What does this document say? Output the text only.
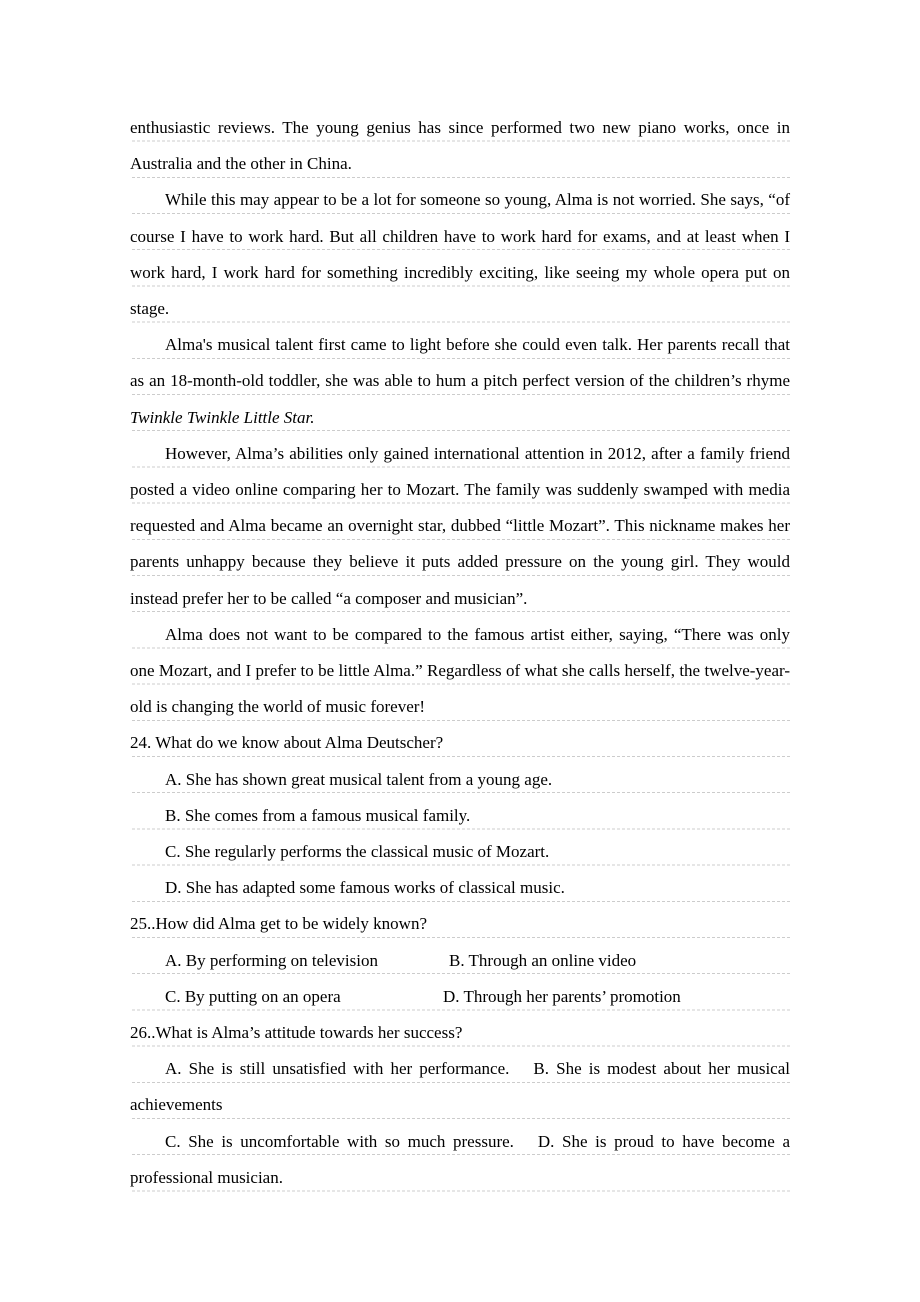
enthusiastic reviews. The young genius has since performed two new piano works, once in Australia and the other in China.

While this may appear to be a lot for someone so young, Alma is not worried. She says, “of course I have to work hard. But all children have to work hard for exams, and at least when I work hard, I work hard for something incredibly exciting, like seeing my whole opera put on stage.

Alma's musical talent first came to light before she could even talk. Her parents recall that as an 18-month-old toddler, she was able to hum a pitch perfect version of the children’s rhyme Twinkle Twinkle Little Star.

However, Alma’s abilities only gained international attention in 2012, after a family friend posted a video online comparing her to Mozart. The family was suddenly swamped with media requested and Alma became an overnight star, dubbed “little Mozart”. This nickname makes her parents unhappy because they believe it puts added pressure on the young girl. They would instead prefer her to be called “a composer and musician”.

Alma does not want to be compared to the famous artist either, saying, “There was only one Mozart, and I prefer to be little Alma.” Regardless of what she calls herself, the twelve-year-old is changing the world of music forever!

24. What do we know about Alma Deutscher?

A. She has shown great musical talent from a young age.

B. She comes from a famous musical family.

C. She regularly performs the classical music of Mozart.

D. She has adapted some famous works of classical music.

25..How did Alma get to be widely known?

A. By performing on television	B. Through an online video

C. By putting on an opera	D. Through her parents’ promotion

26..What is Alma’s attitude towards her success?

A. She is still unsatisfied with her performance. B. She is modest about her musical achievements

C. She is uncomfortable with so much pressure. D. She is proud to have become a professional musician.
